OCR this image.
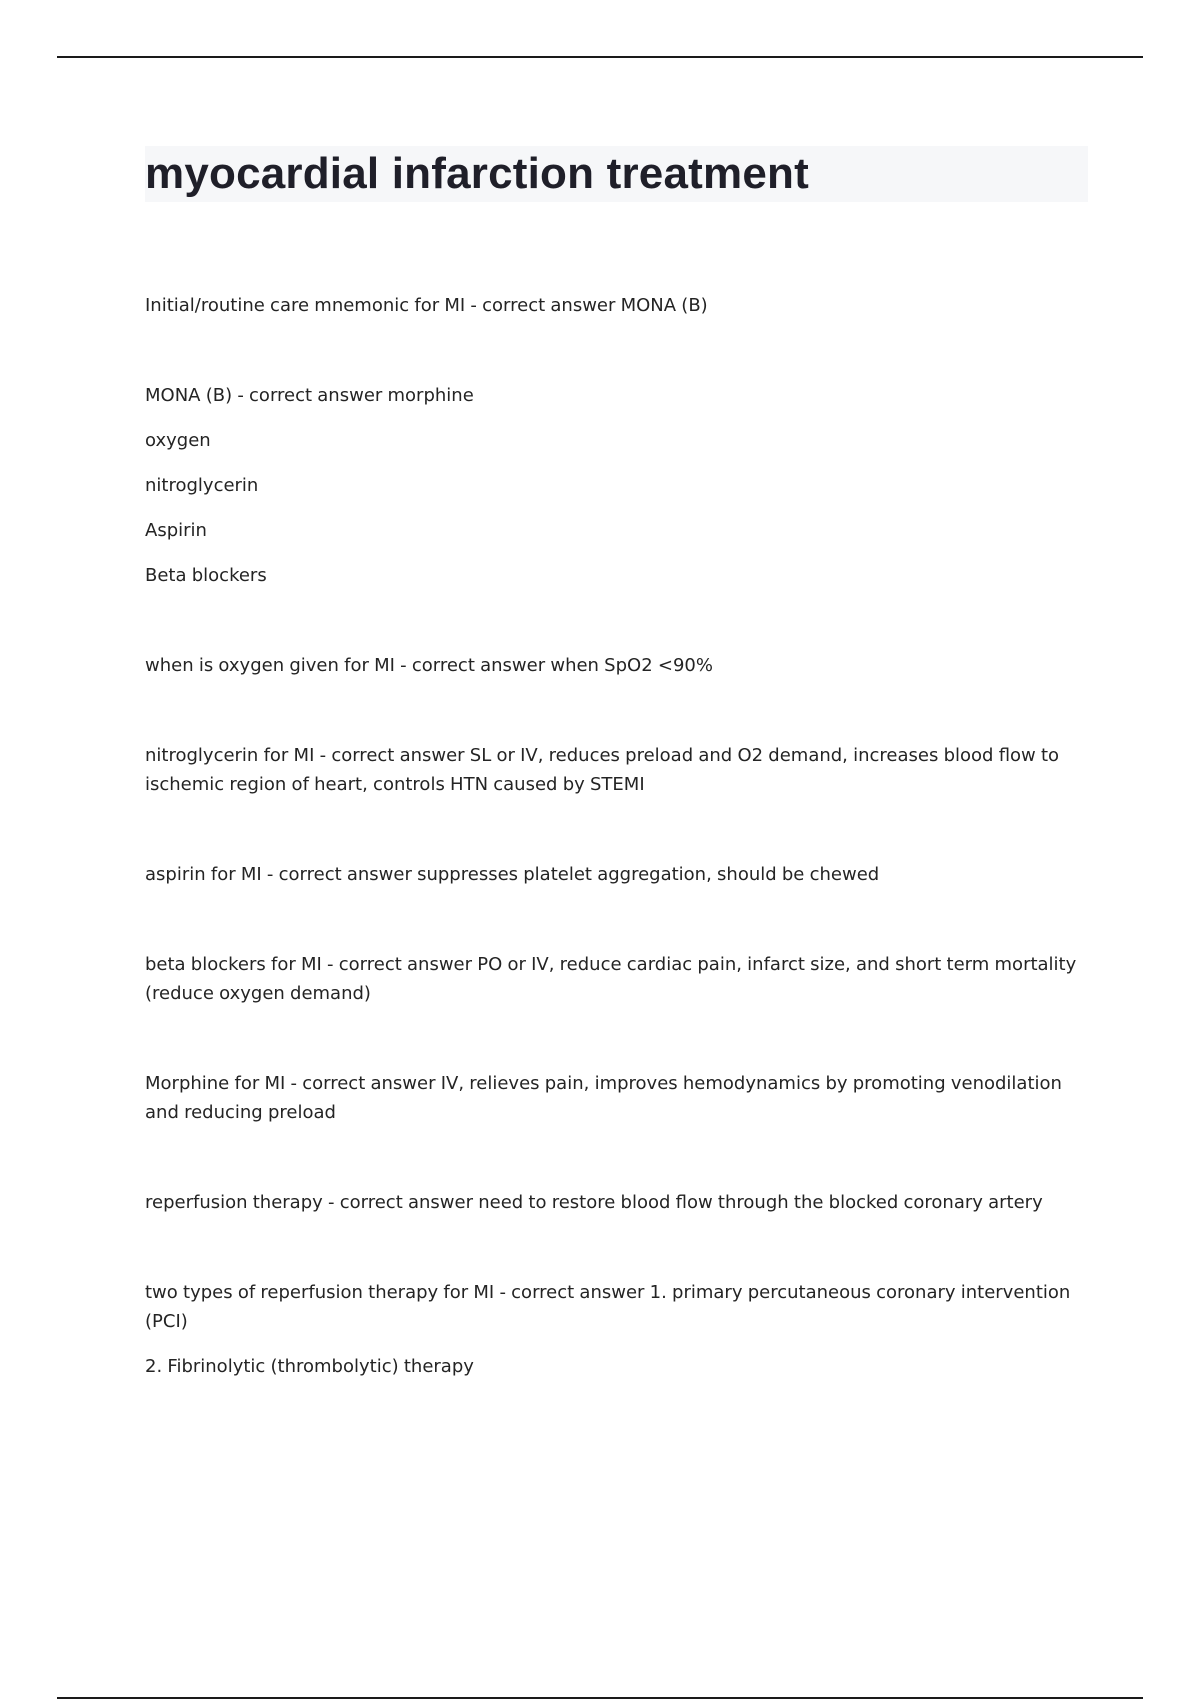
myocardial infarction treatment

Initial/routine care mnemonic for MI - correct answer MONA (B)

MONA (B) - correct answer morphine

oxygen

nitroglycerin

Aspirin

Beta blockers

when is oxygen given for MI - correct answer when SpO2 <90%

nitroglycerin for MI - correct answer SL or IV, reduces preload and O2 demand, increases blood flow to ischemic region of heart, controls HTN caused by STEMI

aspirin for MI - correct answer suppresses platelet aggregation, should be chewed

beta blockers for MI - correct answer PO or IV, reduce cardiac pain, infarct size, and short term mortality (reduce oxygen demand)

Morphine for MI - correct answer IV, relieves pain, improves hemodynamics by promoting venodilation and reducing preload

reperfusion therapy - correct answer need to restore blood flow through the blocked coronary artery

two types of reperfusion therapy for MI - correct answer 1. primary percutaneous coronary intervention (PCI)

2. Fibrinolytic (thrombolytic) therapy
